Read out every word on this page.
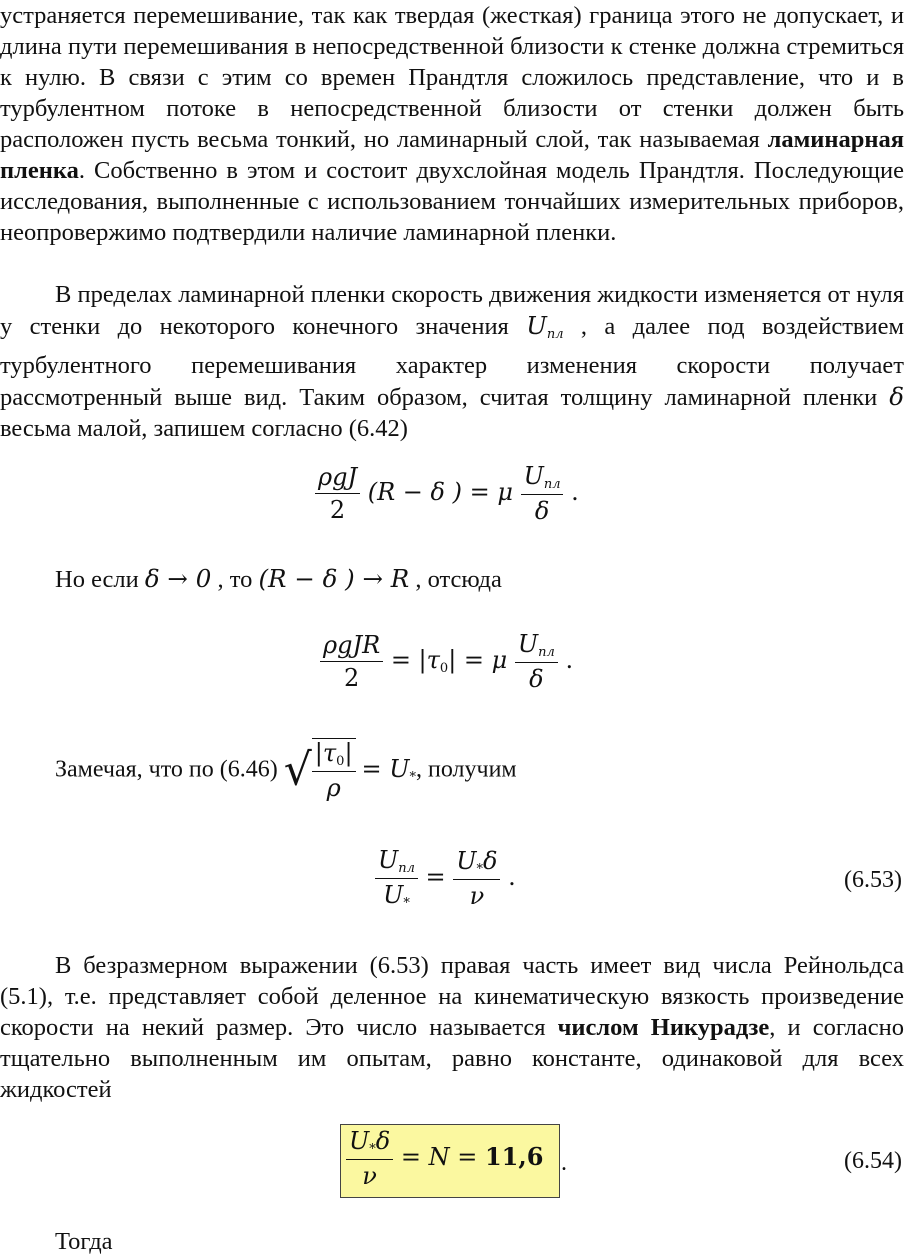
устраняется перемешивание, так как твердая (жесткая) граница этого не допускает, и длина пути перемешивания в непосредственной близости к стенке должна стремиться к нулю. В связи с этим со времен Прандтля сложилось представление, что и в турбулентном потоке в непосредственной близости от стенки должен быть расположен пусть весьма тонкий, но ламинарный слой, так называемая ламинарная пленка. Собственно в этом и состоит двухслойная модель Прандтля. Последующие исследования, выполненные с использованием тончайших измерительных приборов, неопровержимо подтвердили наличие ламинарной пленки.

В пределах ламинарной пленки скорость движения жидкости изменяется от нуля у стенки до некоторого конечного значения $U_{пл}$ , а далее под воздействием турбулентного перемешивания характер изменения скорости получает рассмотренный выше вид. Таким образом, считая толщину ламинарной пленки δ весьма малой, запишем согласно (6.42)

$\frac{\text{ρgJ}}{2} (R - \delta$ ) = μ $\frac{U_{пл}}{\delta}$ .
Но если δ → 0 , то (R − δ ) → R , отсюда
$\frac{\text{ρgJR}}{2} = |\tau_0| = \mu \frac{U_{пл}}{\delta}$ .
Замечая, что по (6.46) √ $\frac{|\tau_0|}{\rho} = U_*$, получим
$\frac{U_{пл}}{U_*} = \frac{U_*\delta}{\nu}$ .	(6.53)

В безразмерном выражении (6.53) правая часть имеет вид числа Рейнольдса (5.1), т.е. представляет собой деленное на кинематическую вязкость произведение скорости на некий размер. Это число называется числом Никурадзе, и согласно тщательно выполненным им опытам, равно константе, одинаковой для всех жидкостей

$\frac{U_*\delta}{\nu} = N = 11,6$ .	(6.54)
Тогда
